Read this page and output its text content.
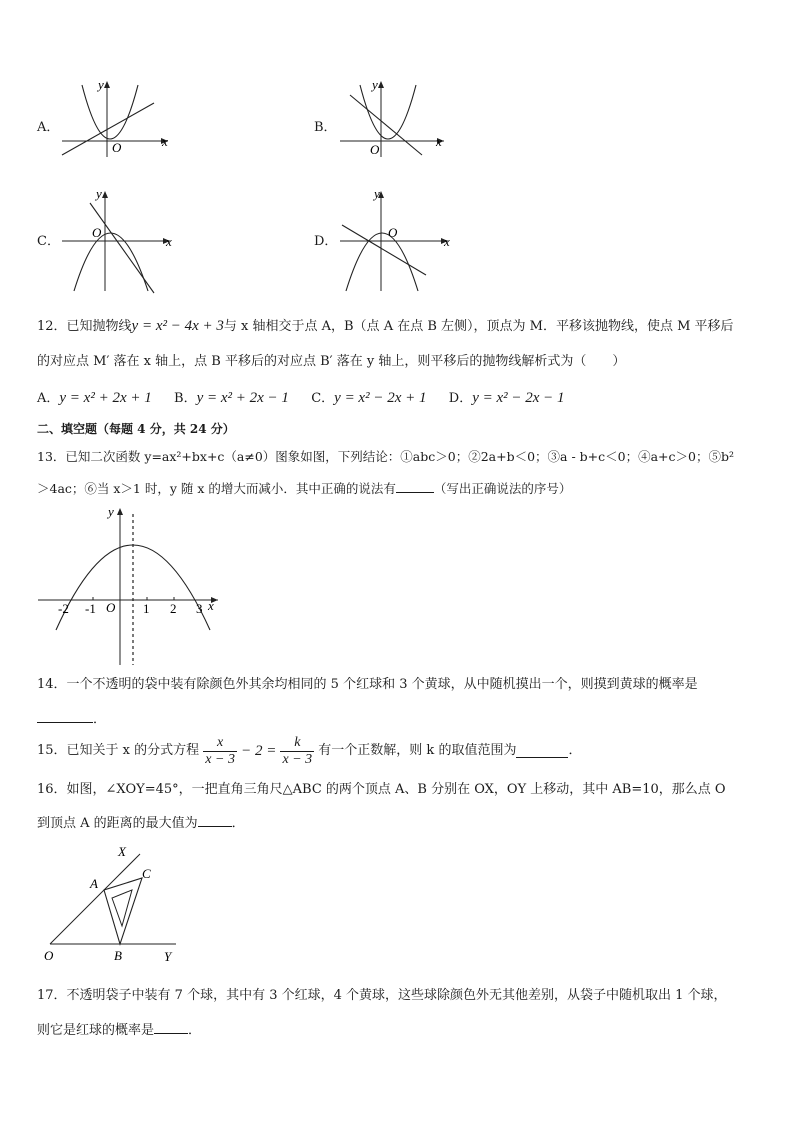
A．
y
x
O
B．
y
x
O
C．
y
x
O
D．
y
x
O
12．已知抛物线y = x² − 4x + 3与 x 轴相交于点 A，B（点 A 在点 B 左侧），顶点为 M．平移该抛物线，使点 M 平移后
的对应点 M′ 落在 x 轴上，点 B 平移后的对应点 B′ 落在 y 轴上，则平移后的抛物线解析式为（　　）
A．y = x² + 2x + 1 B．y = x² + 2x − 1 C．y = x² − 2x + 1 D．y = x² − 2x − 1
二、填空题（每题 4 分，共 24 分）
13．已知二次函数 y=ax²+bx+c（a≠0）图象如图，下列结论：①abc＞0；②2a+b＜0；③a - b+c＜0；④a+c＞0；⑤b²
＞4ac；⑥当 x＞1 时，y 随 x 的增大而减小．其中正确的说法有	（写出正确说法的序号）
y
x
O
-2 -1	1 2 3
14．一个不透明的袋中装有除颜色外其余均相同的 5 个红球和 3 个黄球，从中随机摸出一个，则摸到黄球的概率是
．
15．已知关于 x 的分式方程 $\frac{x}{x - 3} - 2 = \frac{k}{x - 3}$ 有一个正数解，则 k 的取值范围为	．
16．如图，∠XOY=45°，一把直角三角尺△ABC 的两个顶点 A、B 分别在 OX，OY 上移动，其中 AB=10，那么点 O
到顶点 A 的距离的最大值为	．
X
A
C
O	B	Y
17．不透明袋子中装有 7 个球，其中有 3 个红球，4 个黄球，这些球除颜色外无其他差别，从袋子中随机取出 1 个球，
则它是红球的概率是	．
